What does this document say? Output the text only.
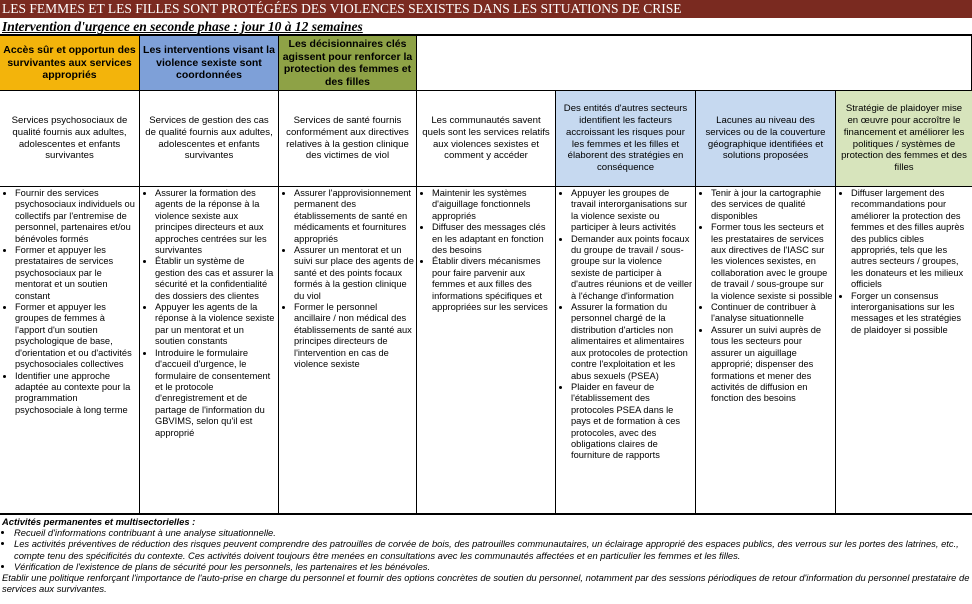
LES FEMMES ET LES FILLES SONT PROTÉGÉES DES VIOLENCES SEXISTES DANS LES SITUATIONS DE CRISE
Intervention d'urgence en seconde phase : jour 10 à 12 semaines
Accès sûr et opportun des survivantes aux services appropriés
Les interventions visant la violence sexiste sont coordonnées
Les décisionnaires clés agissent pour renforcer la protection des femmes et des filles
Services psychosociaux de qualité fournis aux adultes, adolescentes et enfants survivantes
Services de gestion des cas de qualité fournis aux adultes, adolescentes et enfants survivantes
Services de santé fournis conformément aux directives relatives à la gestion clinique des victimes de viol
Les communautés savent quels sont les services relatifs aux violences sexistes et comment y accéder
Des entités d'autres secteurs identifient les facteurs accroissant les risques pour les femmes et les filles et élaborent des stratégies en conséquence
Lacunes au niveau des services ou de la couverture géographique identifiées et solutions proposées
Stratégie de plaidoyer mise en œuvre pour accroître le financement et améliorer les politiques / systèmes de protection des femmes et des filles
• Fournir des services psychosociaux individuels ou collectifs par l'entremise de personnel, partenaires et/ou bénévoles formés
• Former et appuyer les prestataires de services psychosociaux par le mentorat et un soutien constant
• Former et appuyer les groupes de femmes à l'apport d'un soutien psychologique de base, d'orientation et ou d'activités psychosociales collectives
• Identifier une approche adaptée au contexte pour la programmation psychosociale à long terme
• Assurer la formation des agents de la réponse à la violence sexiste aux principes directeurs et aux approches centrées sur les survivantes
• Établir un système de gestion des cas et assurer la sécurité et la confidentialité des dossiers des clientes
• Appuyer les agents de la réponse à la violence sexiste par un mentorat et un soutien constants
• Introduire le formulaire d'accueil d'urgence, le formulaire de consentement et le protocole d'enregistrement et de partage de l'information du GBVIMS, selon qu'il est approprié
• Assurer l'approvisionnement permanent des établissements de santé en médicaments et fournitures appropriés
• Assurer un mentorat et un suivi sur place des agents de santé et des points focaux formés à la gestion clinique du viol
• Former le personnel ancillaire / non médical des établissements de santé aux principes directeurs de l'intervention en cas de violence sexiste
• Maintenir les systèmes d'aiguillage fonctionnels appropriés
• Diffuser des messages clés en les adaptant en fonction des besoins
• Établir divers mécanismes pour faire parvenir aux femmes et aux filles des informations spécifiques et appropriées sur les services
• Appuyer les groupes de travail interorganisations sur la violence sexiste ou participer à leurs activités
• Demander aux points focaux du groupe de travail / sous-groupe sur la violence sexiste de participer à d'autres réunions et de veiller à l'échange d'information
• Assurer la formation du personnel chargé de la distribution d'articles non alimentaires et alimentaires aux protocoles de protection contre l'exploitation et les abus sexuels (PSEA)
• Plaider en faveur de l'établissement des protocoles PSEA dans le pays et de formation à ces protocoles, avec des obligations claires de fourniture de rapports
• Tenir à jour la cartographie des services de qualité disponibles
• Former tous les secteurs et les prestataires de services aux directives de l'IASC sur les violences sexistes, en collaboration avec le groupe de travail / sous-groupe sur la violence sexiste si possible
• Continuer de contribuer à l'analyse situationnelle
• Assurer un suivi auprès de tous les secteurs pour assurer un aiguillage approprié; dispenser des formations et mener des activités de diffusion en fonction des besoins
• Diffuser largement des recommandations pour améliorer la protection des femmes et des filles auprès des publics cibles appropriés, tels que les autres secteurs / groupes, les donateurs et les milieux officiels
• Forger un consensus interorganisations sur les messages et les stratégies de plaidoyer si possible
Activités permanentes et multisectorielles :
• Recueil d'informations contribuant à une analyse situationnelle.
• Les activités préventives de réduction des risques peuvent comprendre des patrouilles de corvée de bois, des patrouilles communautaires, un éclairage approprié des espaces publics, des verrous sur les portes des latrines, etc., compte tenu des spécificités du contexte. Ces activités doivent toujours être menées en consultations avec les communautés affectées et en particulier les femmes et les filles.
• Vérification de l'existence de plans de sécurité pour les personnels, les partenaires et les bénévoles.
Etablir une politique renforçant l'importance de l'auto-prise en charge du personnel et fournir des options concrètes de soutien du personnel, notamment par des sessions périodiques de retour d'information du personnel prestataire de services aux survivantes.
